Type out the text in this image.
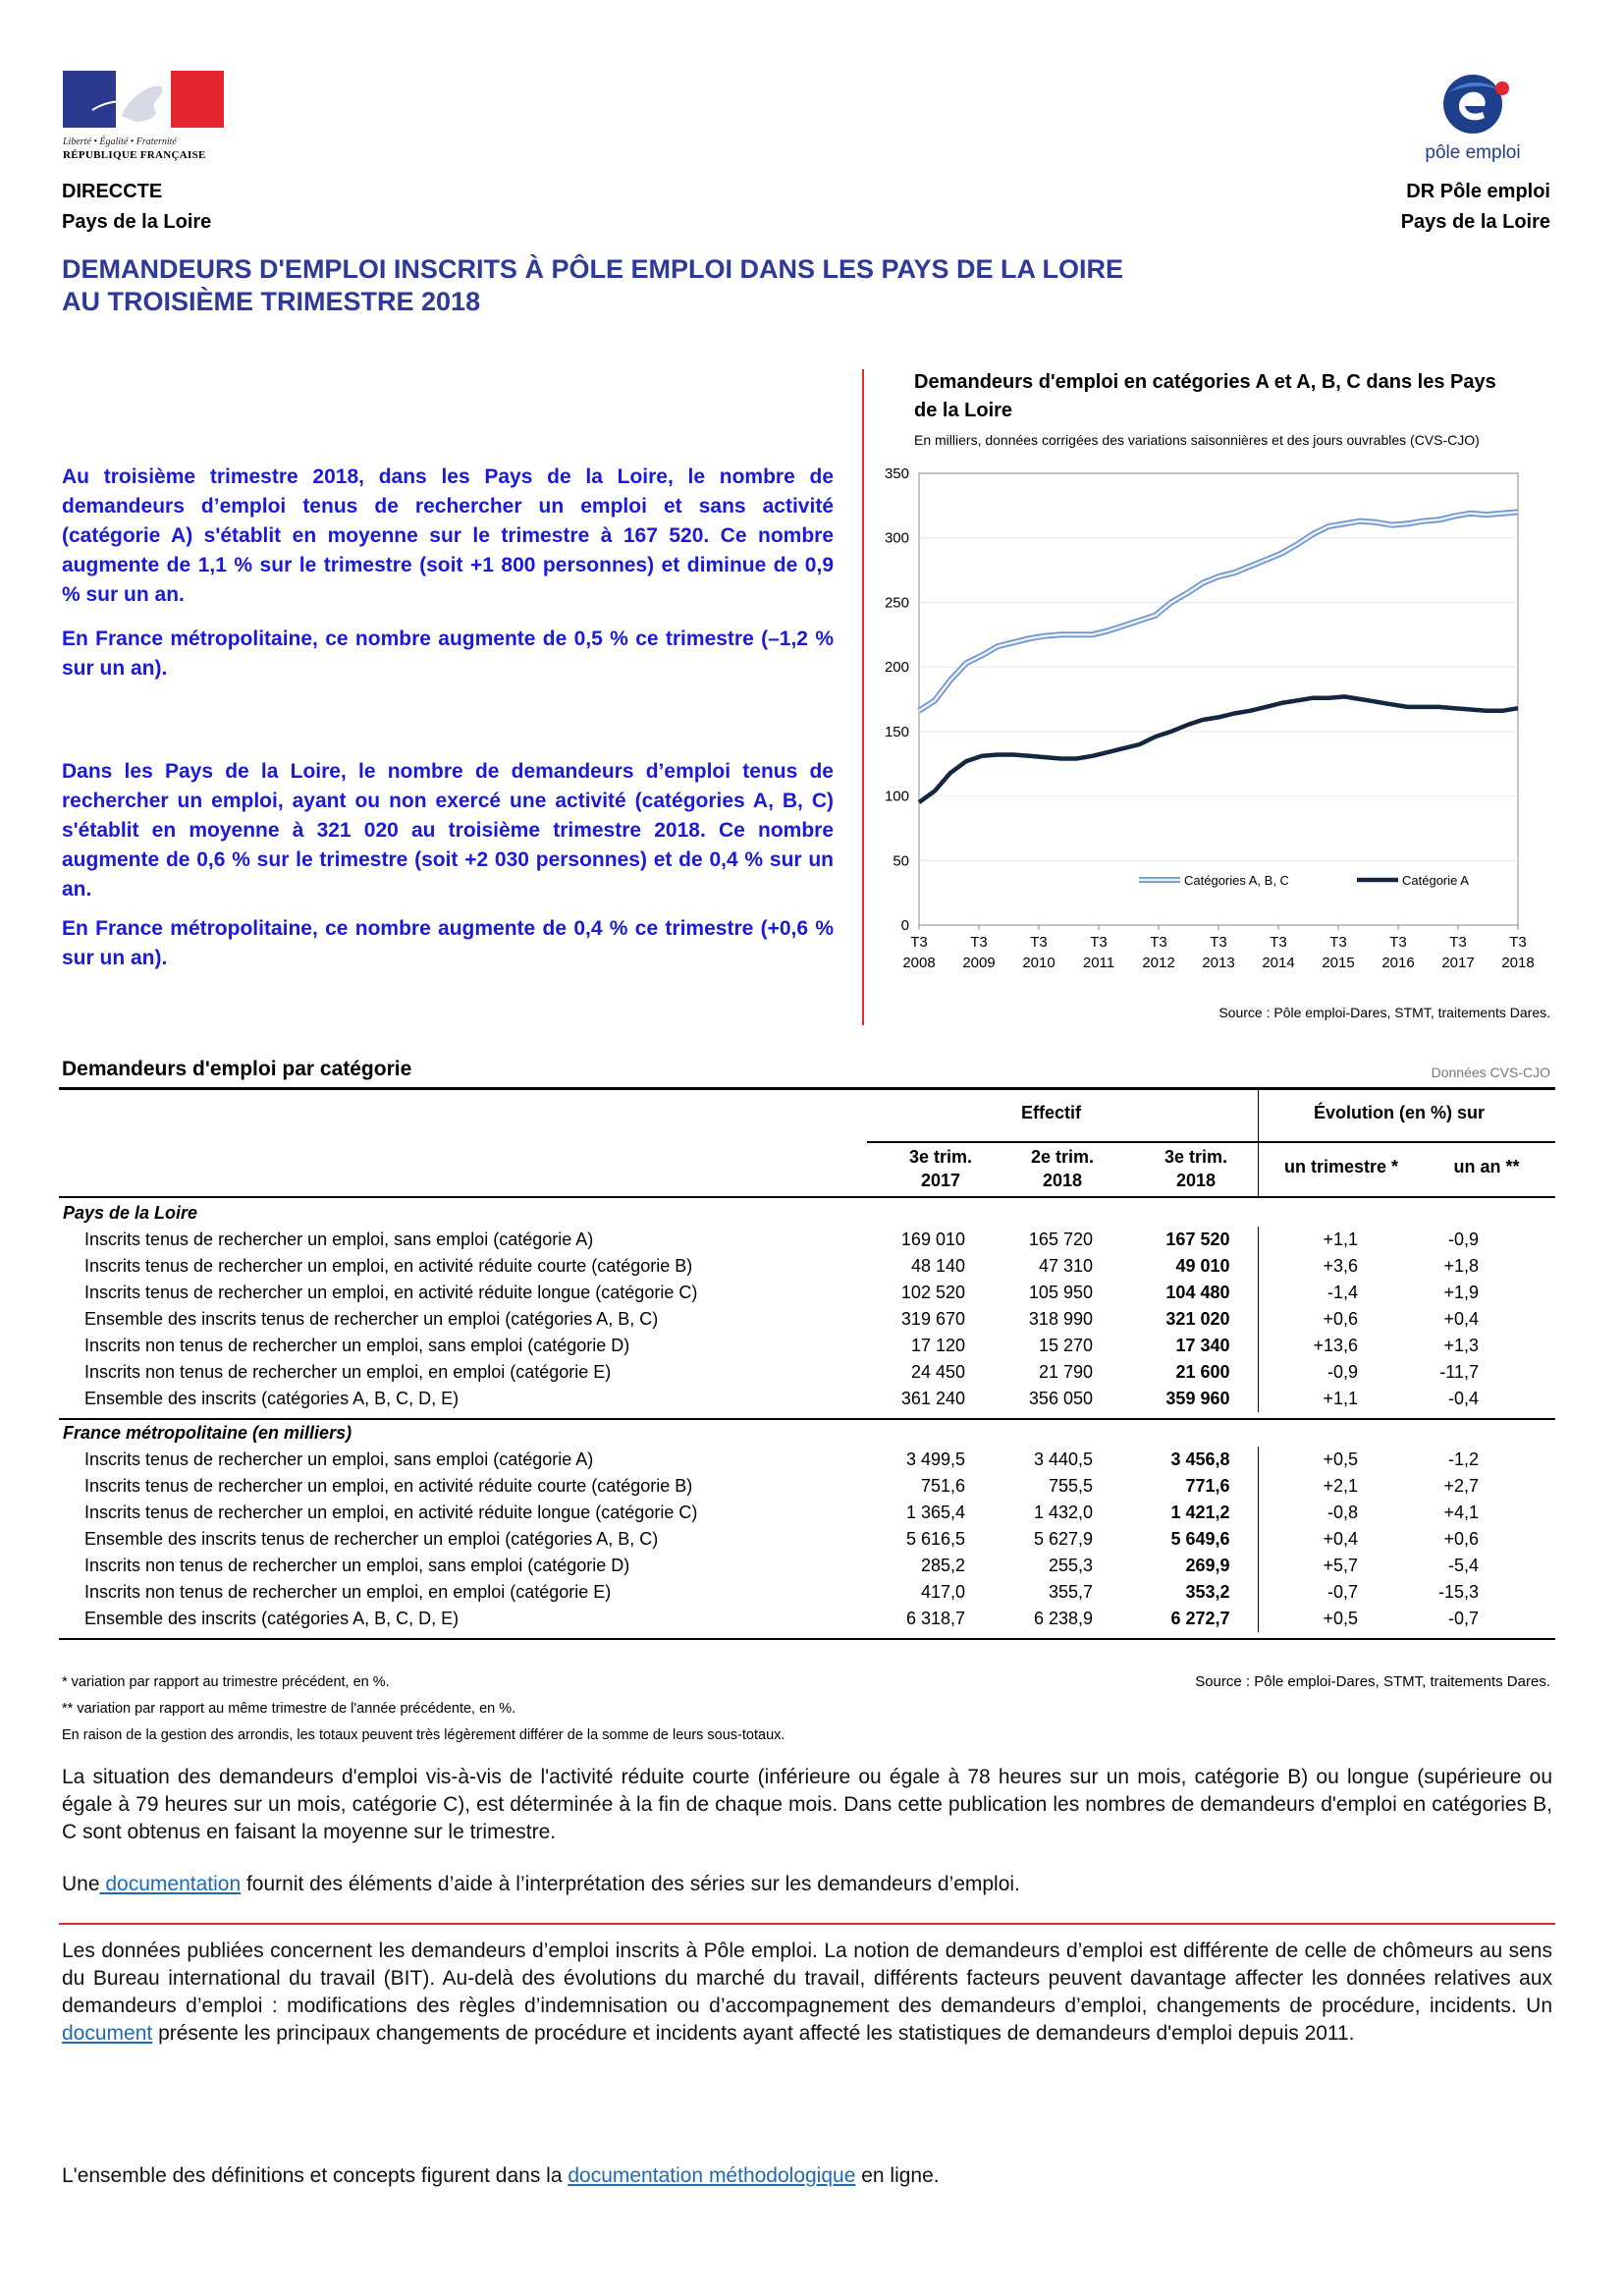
Liberté • Égalité • Fraternité
RÉPUBLIQUE FRANÇAISE	pôle emploi
DIRECCTE
Pays de la Loire
DR Pôle emploi
Pays de la Loire
DEMANDEURS D'EMPLOI INSCRITS À PÔLE EMPLOI DANS LES PAYS DE LA LOIRE
AU TROISIÈME TRIMESTRE 2018
Au troisième trimestre 2018, dans les Pays de la Loire, le nombre de demandeurs d’emploi tenus de rechercher un emploi et sans activité (catégorie A) s'établit en moyenne sur le trimestre à 167 520. Ce nombre augmente de 1,1 % sur le trimestre (soit +1 800 personnes) et diminue de 0,9 % sur un an.
En France métropolitaine, ce nombre augmente de 0,5 % ce trimestre (–1,2 % sur un an).
Dans les Pays de la Loire, le nombre de demandeurs d’emploi tenus de rechercher un emploi, ayant ou non exercé une activité (catégories A, B, C) s'établit en moyenne à 321 020 au troisième trimestre 2018. Ce nombre augmente de 0,6 % sur le trimestre (soit +2 030 personnes) et de 0,4 % sur un an.
En France métropolitaine, ce nombre augmente de 0,4 % ce trimestre (+0,6 % sur un an).
Demandeurs d'emploi en catégories A et A, B, C dans les Pays de la Loire
En milliers, données corrigées des variations saisonnières et des jours ouvrables (CVS-CJO)
0
50
100
150
200
250
300
350
T3
2008
T3
2009
T3
2010
T3
2011
T3
2012
T3
2013
T3
2014
T3
2015
T3
2016
T3
2017
T3
2018
Catégories A, B, C	Catégorie A
Source : Pôle emploi-Dares, STMT, traitements Dares.
Demandeurs d'emploi par catégorie	Données CVS-CJO
Effectif	Évolution (en %) sur
3e trim.
2017
2e trim.
2018
3e trim.
2018
un trimestre *	un an **
Pays de la Loire						
Inscrits tenus de rechercher un emploi, sans emploi (catégorie A)	169 010	165 720	167 520	+1,1	-0,9	
Inscrits tenus de rechercher un emploi, en activité réduite courte (catégorie B)	48 140	47 310	49 010	+3,6	+1,8	
Inscrits tenus de rechercher un emploi, en activité réduite longue (catégorie C)	102 520	105 950	104 480	-1,4	+1,9	
Ensemble des inscrits tenus de rechercher un emploi (catégories A, B, C)	319 670	318 990	321 020	+0,6	+0,4	
Inscrits non tenus de rechercher un emploi, sans emploi (catégorie D)	17 120	15 270	17 340	+13,6	+1,3	
Inscrits non tenus de rechercher un emploi, en emploi (catégorie E)	24 450	21 790	21 600	-0,9	-11,7	
Ensemble des inscrits (catégories A, B, C, D, E)	361 240	356 050	359 960	+1,1	-0,4	
France métropolitaine (en milliers)						
Inscrits tenus de rechercher un emploi, sans emploi (catégorie A)	3 499,5	3 440,5	3 456,8	+0,5	-1,2	
Inscrits tenus de rechercher un emploi, en activité réduite courte (catégorie B)	751,6	755,5	771,6	+2,1	+2,7	
Inscrits tenus de rechercher un emploi, en activité réduite longue (catégorie C)	1 365,4	1 432,0	1 421,2	-0,8	+4,1	
Ensemble des inscrits tenus de rechercher un emploi (catégories A, B, C)	5 616,5	5 627,9	5 649,6	+0,4	+0,6	
Inscrits non tenus de rechercher un emploi, sans emploi (catégorie D)	285,2	255,3	269,9	+5,7	-5,4	
Inscrits non tenus de rechercher un emploi, en emploi (catégorie E)	417,0	355,7	353,2	-0,7	-15,3	
Ensemble des inscrits (catégories A, B, C, D, E)	6 318,7	6 238,9	6 272,7	+0,5	-0,7	
* variation par rapport au trimestre précédent, en %.
** variation par rapport au même trimestre de l'année précédente, en %.
En raison de la gestion des arrondis, les totaux peuvent très légèrement différer de la somme de leurs sous-totaux.
Source : Pôle emploi-Dares, STMT, traitements Dares.
La situation des demandeurs d'emploi vis-à-vis de l'activité réduite courte (inférieure ou égale à 78 heures sur un mois, catégorie B) ou longue (supérieure ou égale à 79 heures sur un mois, catégorie C), est déterminée à la fin de chaque mois. Dans cette publication les nombres de demandeurs d'emploi en catégories B, C sont obtenus en faisant la moyenne sur le trimestre.
Une documentation fournit des éléments d’aide à l’interprétation des séries sur les demandeurs d’emploi.
Les données publiées concernent les demandeurs d’emploi inscrits à Pôle emploi. La notion de demandeurs d’emploi est différente de celle de chômeurs au sens du Bureau international du travail (BIT). Au-delà des évolutions du marché du travail, différents facteurs peuvent davantage affecter les données relatives aux demandeurs d’emploi : modifications des règles d’indemnisation ou d’accompagnement des demandeurs d’emploi, changements de procédure, incidents. Un document présente les principaux changements de procédure et incidents ayant affecté les statistiques de demandeurs d'emploi depuis 2011.
L'ensemble des définitions et concepts figurent dans la documentation méthodologique en ligne.
